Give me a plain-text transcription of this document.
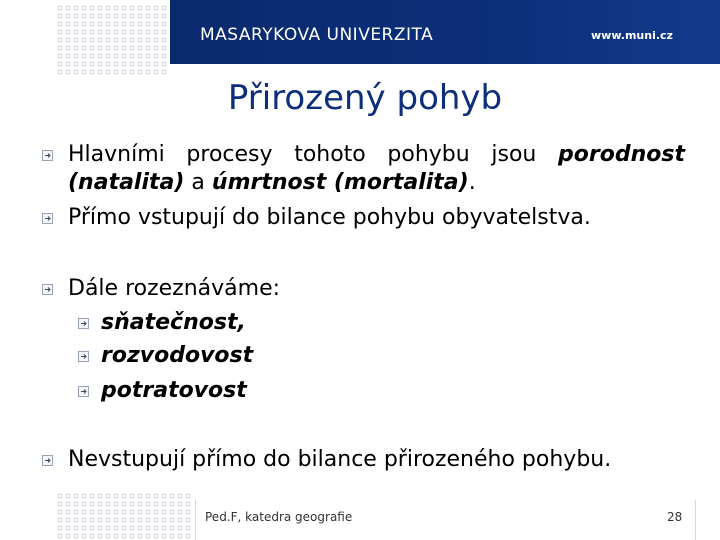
MASARYKOVA UNIVERZITA	www.muni.cz
Přirozený pohyb
Hlavními procesy tohoto pohybu jsou porodnost
(natalita) a úmrtnost (mortalita).
Přímo vstupují do bilance pohybu obyvatelstva.
Dále rozeznáváme:
sňatečnost,
rozvodovost
potratovost
Nevstupují přímo do bilance přirozeného pohybu.
Ped.F, katedra geografie	28
